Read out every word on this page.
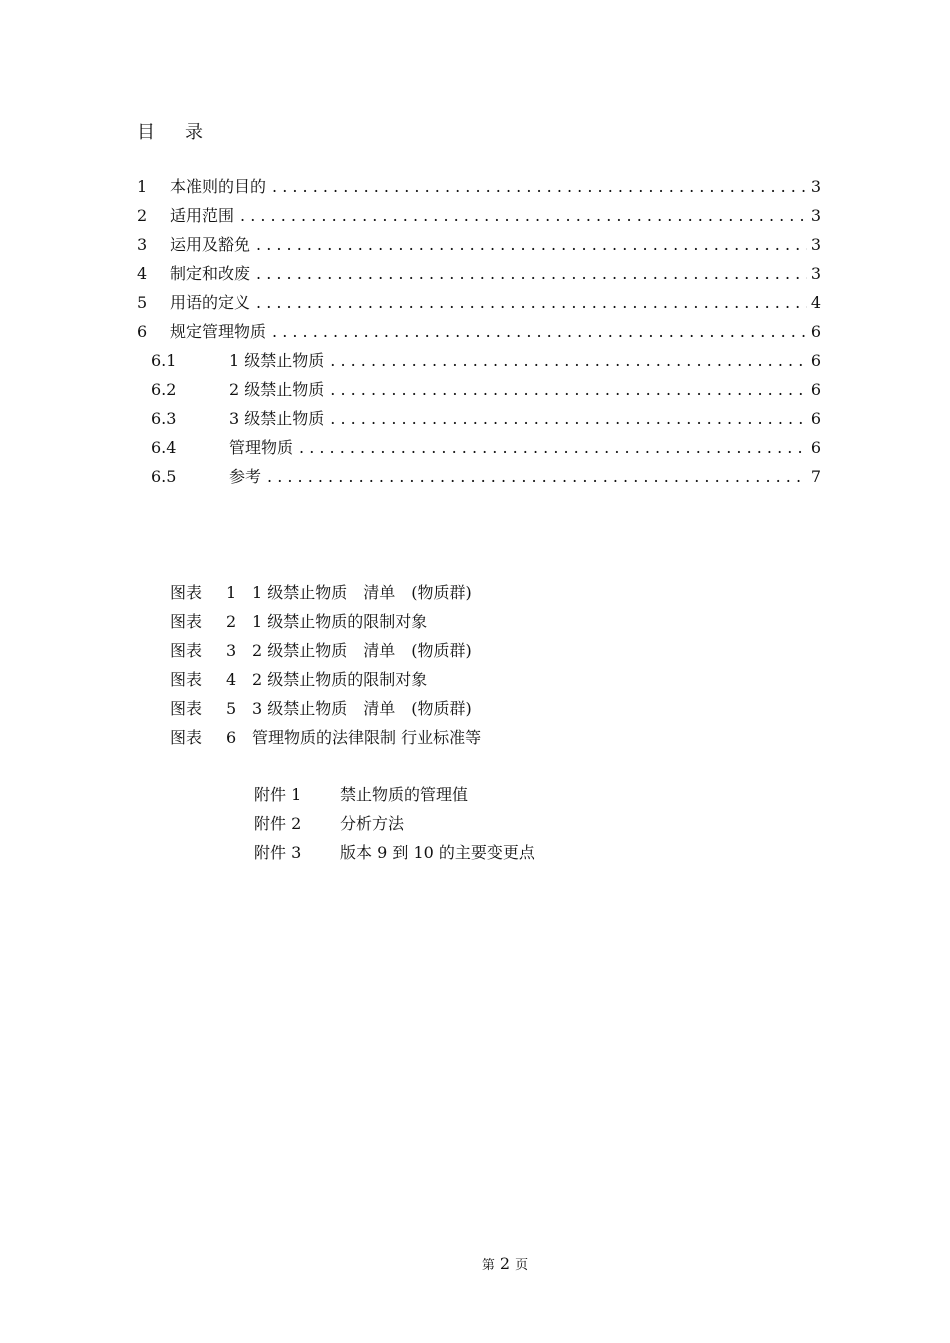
目 录
1	本准则的目的 . . .	3
2	适用范围 . . .	3
3	运用及豁免 . . .	3
4	制定和改废 . . .	3
5	用语的定义 . . .	4
6	规定管理物质 . . .	6
6.1	1 级禁止物质 . . .	6
6.2	2 级禁止物质 . . .	6
6.3	3 级禁止物质 . . .	6
6.4	管理物质 . . .	6
6.5	参考 . . .	7
图表 1 1 级禁止物质　清单　(物质群)
图表 2 1 级禁止物质的限制对象
图表 3 2 级禁止物质　清单　(物质群)
图表 4 2 级禁止物质的限制对象
图表 5 3 级禁止物质　清单　(物质群)
图表 6 管理物质的法律限制 行业标准等
附件 1 禁止物质的管理值
附件 2 分析方法
附件 3 版本 9 到 10 的主要变更点
第 2 页
